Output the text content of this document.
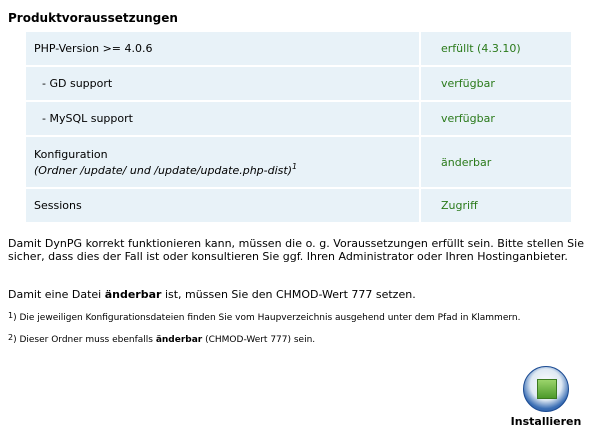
Produktvoraussetzungen
PHP-Version >= 4.0.6	erfüllt (4.3.10)
- GD support	verfügbar
- MySQL support	verfügbar
Konfiguration
(Ordner /update/ und /update/update.php-dist)$^1$	änderbar
Sessions	Zugriff
Damit DynPG korrekt funktionieren kann, müssen die o. g. Voraussetzungen erfüllt sein. Bitte stellen Sie sicher, dass dies der Fall ist oder konsultieren Sie ggf. Ihren Administrator oder Ihren Hostinganbieter.
Damit eine Datei änderbar ist, müssen Sie den CHMOD-Wert 777 setzen.
$^1$) Die jeweiligen Konfigurationsdateien finden Sie vom Haupverzeichnis ausgehend unter dem Pfad in Klammern.
$^2$) Dieser Ordner muss ebenfalls änderbar (CHMOD-Wert 777) sein.
Installieren
